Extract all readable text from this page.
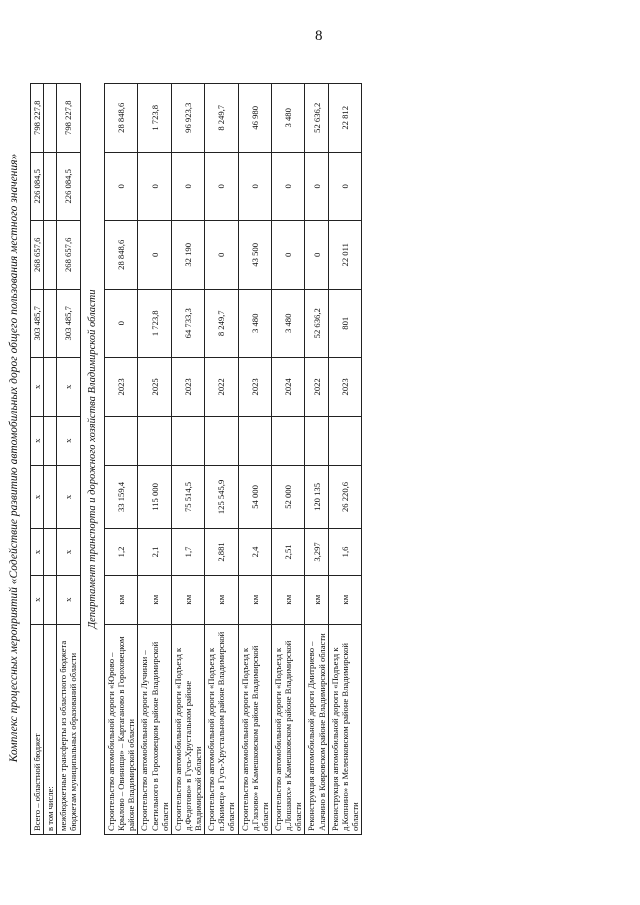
8
Комплекс процессных мероприятий «Содействие развитию автомобильных дорог общего пользования местного значения»
Всего – областной бюджет	x	x	x	x	x	303 485,7	268 657,6	226 084,5	798 227,8
в том числе:									
межбюджетные трансферты из областного бюджета бюджетам муниципальных образований области	x	x	x	x	x	303 485,7	268 657,6	226 084,5	798 227,8
Департамент транспорта и дорожного хозяйства Владимирской области									
Строительство автомобильной дороги «Юрово – Крылово – Овинищи» – Картаганово в Гороховецком районе Владимирской области	км	1,2	33 159,4		2023	0	28 848,6	0	28 848,6
Строительство автомобильной дороги Лучинки – Светильного в Гороховецком районе Владимирской области	км	2,1	115 000		2025	1 723,8	0	0	1 723,8
Строительство автомобильной дороги «Подъезд к д.Федотово» в Гусь-Хрустальном районе Владимирской области	км	1,7	75 514,5		2023	64 733,3	32 190	0	96 923,3
Строительство автомобильной дороги «Подъезд к п.Якимец» в Гусь-Хрустальном районе Владимирской области	км	2,881	125 545,9		2022	8 249,7	0	0	8 249,7
Строительство автомобильной дороги «Подъезд к д.Глазово» в Камешковском районе Владимирской области	км	2,4	54 000		2023	3 480	43 500	0	46 980
Строительство автомобильной дороги «Подъезд к д.Лошаких» в Камешковском районе Владимирской области	км	2,51	52 000		2024	3 480	0	0	3 480
Реконструкция автомобильной дороги Дмитриево – Алачино в Ковровском районе Владимирской области	км	3,297	120 135		2022	52 636,2	0	0	52 636,2
Реконструкция автомобильной дороги «Подъезд к д.Копнино» в Меленковском районе Владимирской области	км	1,6	26 220,6		2023	801	22 011	0	22 812
